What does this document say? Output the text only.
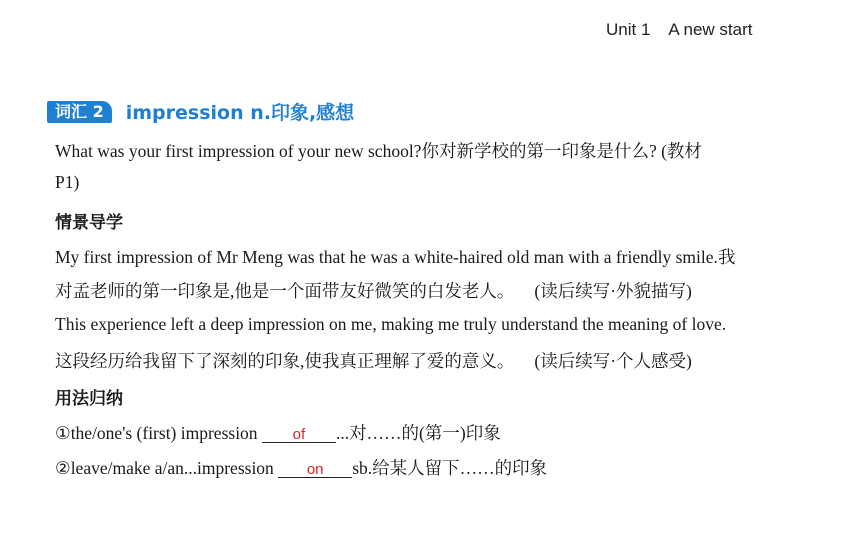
Unit 1 A new start
词汇 2	impression n.印象,感想
What was your first impression of your new school?你对新学校的第一印象是什么? (教材
P1)
情景导学
My first impression of Mr Meng was that he was a white-haired old man with a friendly smile.我
对孟老师的第一印象是,他是一个面带友好微笑的白发老人。 (读后续写·外貌描写)
This experience left a deep impression on me, making me truly understand the meaning of love.
这段经历给我留下了深刻的印象,使我真正理解了爱的意义。 (读后续写·个人感受)
用法归纳
①the/one's (first) impression of ...对……的(第一)印象
②leave/make a/an...impression on sb.给某人留下……的印象
